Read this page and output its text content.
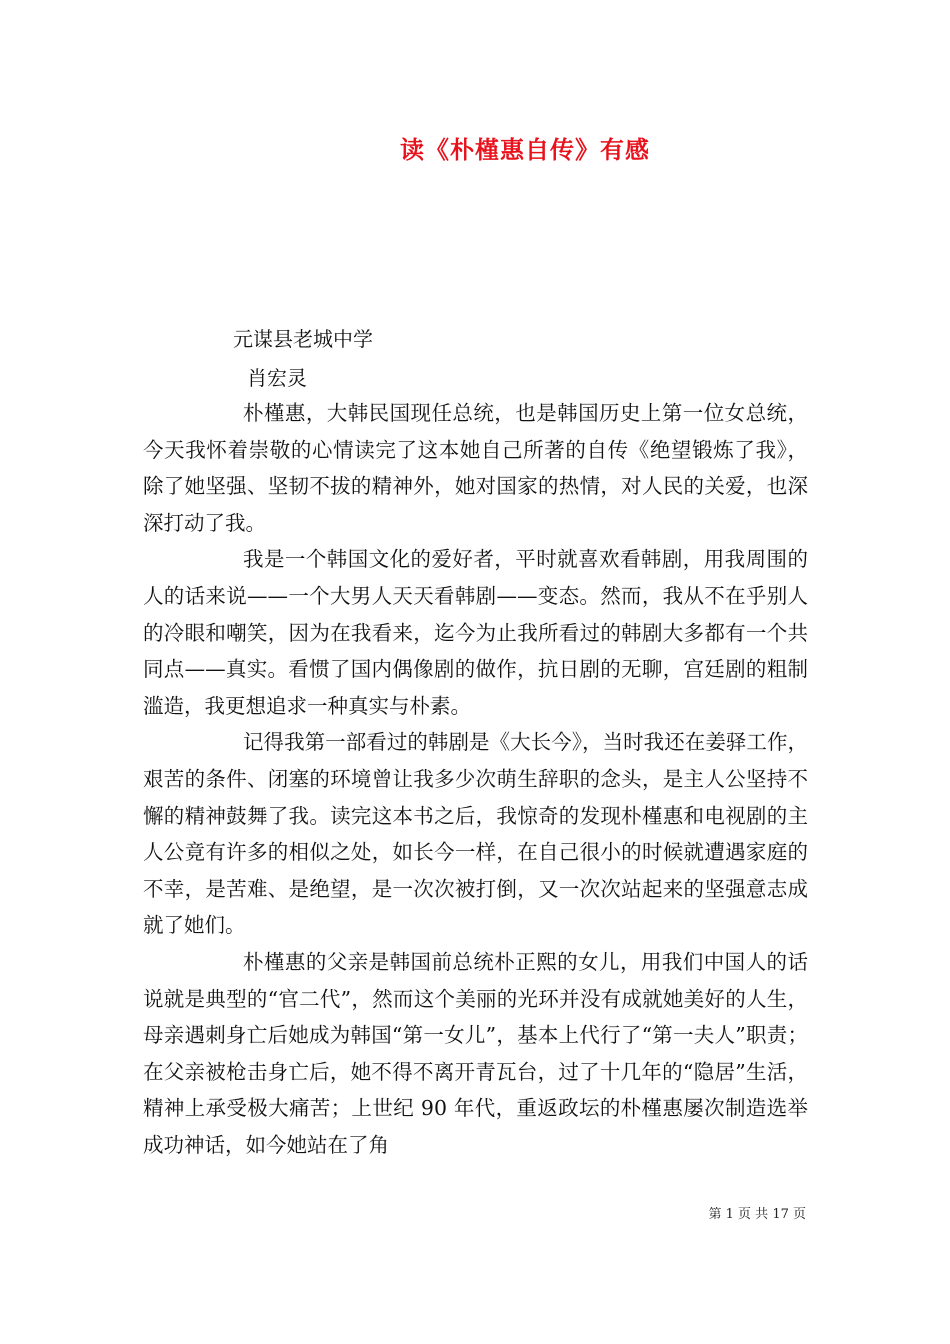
读《朴槿惠自传》有感
元谋县老城中学
肖宏灵

朴槿惠，大韩民国现任总统，也是韩国历史上第一位女总统，今天我怀着崇敬的心情读完了这本她自己所著的自传《绝望锻炼了我》，除了她坚强、坚韧不拔的精神外，她对国家的热情，对人民的关爱，也深深打动了我。

我是一个韩国文化的爱好者，平时就喜欢看韩剧，用我周围的人的话来说——一个大男人天天看韩剧——变态。然而，我从不在乎别人的冷眼和嘲笑，因为在我看来，迄今为止我所看过的韩剧大多都有一个共同点——真实。看惯了国内偶像剧的做作，抗日剧的无聊，宫廷剧的粗制滥造，我更想追求一种真实与朴素。

记得我第一部看过的韩剧是《大长今》，当时我还在姜驿工作，艰苦的条件、闭塞的环境曾让我多少次萌生辞职的念头，是主人公坚持不懈的精神鼓舞了我。读完这本书之后，我惊奇的发现朴槿惠和电视剧的主人公竟有许多的相似之处，如长今一样，在自己很小的时候就遭遇家庭的不幸，是苦难、是绝望，是一次次被打倒，又一次次站起来的坚强意志成就了她们。

朴槿惠的父亲是韩国前总统朴正熙的女儿，用我们中国人的话说就是典型的“官二代”，然而这个美丽的光环并没有成就她美好的人生，母亲遇刺身亡后她成为韩国“第一女儿”，基本上代行了“第一夫人”职责；在父亲被枪击身亡后，她不得不离开青瓦台，过了十几年的“隐居”生活，精神上承受极大痛苦；上世纪 90 年代，重返政坛的朴槿惠屡次制造选举成功神话，如今她站在了角

第 1 页 共 17 页
